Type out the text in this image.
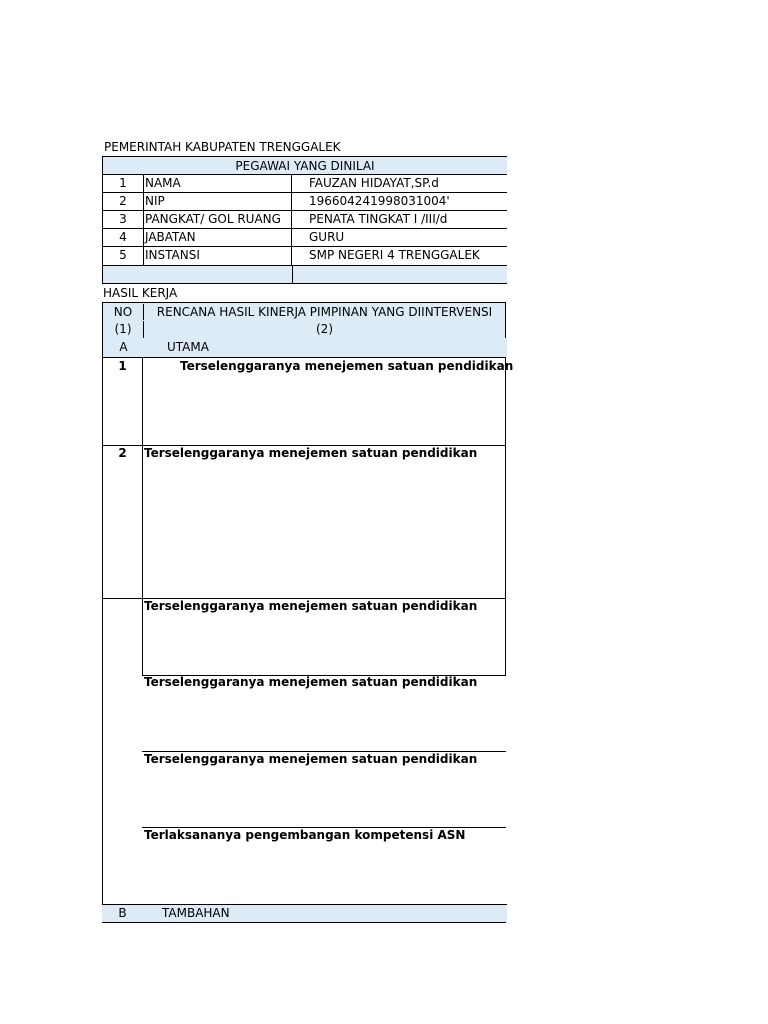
PEMERINTAH KABUPATEN TRENGGALEK
PEGAWAI YANG DINILAI
1	NAMA	FAUZAN HIDAYAT,SP.d
2	NIP	196604241998031004'
3	PANGKAT/ GOL RUANG	PENATA TINGKAT I /III/d
4	JABATAN	GURU
5	INSTANSI	SMP NEGERI 4 TRENGGALEK
HASIL KERJA
NO	RENCANA HASIL KINERJA PIMPINAN YANG DIINTERVENSI
(1)	(2)
A	UTAMA
1	Terselenggaranya menejemen satuan pendidikan
2	Terselenggaranya menejemen satuan pendidikan
Terselenggaranya menejemen satuan pendidikan
Terselenggaranya menejemen satuan pendidikan
Terselenggaranya menejemen satuan pendidikan
Terlaksananya pengembangan kompetensi ASN
B	TAMBAHAN
